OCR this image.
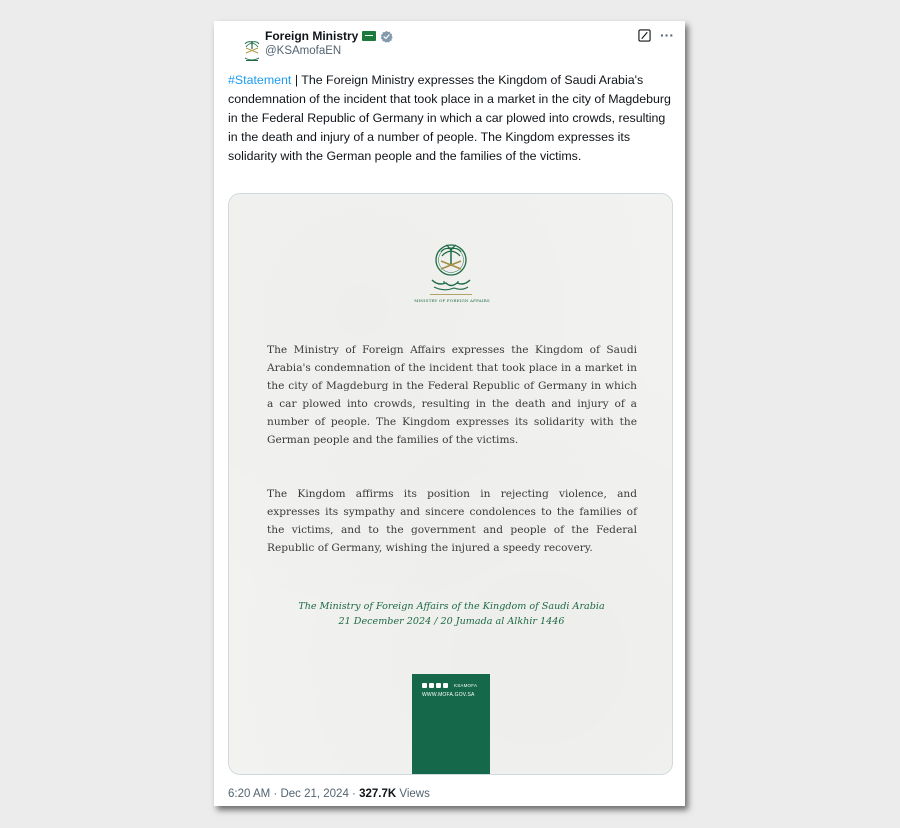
Foreign Ministry
@KSAmofaEN
···
#Statement | The Foreign Ministry expresses the Kingdom of Saudi Arabia's condemnation of the incident that took place in a market in the city of Magdeburg in the Federal Republic of Germany in which a car plowed into crowds, resulting in the death and injury of a number of people. The Kingdom expresses its solidarity with the German people and the families of the victims.
MINISTRY OF FOREIGN AFFAIRS
The Ministry of Foreign Affairs expresses the Kingdom of Saudi Arabia's condemnation of the incident that took place in a market in the city of Magdeburg in the Federal Republic of Germany in which a car plowed into crowds, resulting in the death and injury of a number of people. The Kingdom expresses its solidarity with the German people and the families of the victims.
The Kingdom affirms its position in rejecting violence, and expresses its sympathy and sincere condolences to the families of the victims, and to the government and people of the Federal Republic of Germany, wishing the injured a speedy recovery.
The Ministry of Foreign Affairs of the Kingdom of Saudi Arabia
21 December 2024 / 20 Jumada al Alkhir 1446
KSAMOFA
WWW.MOFA.GOV.SA
6:20 AM · Dec 21, 2024 · 327.7K Views
